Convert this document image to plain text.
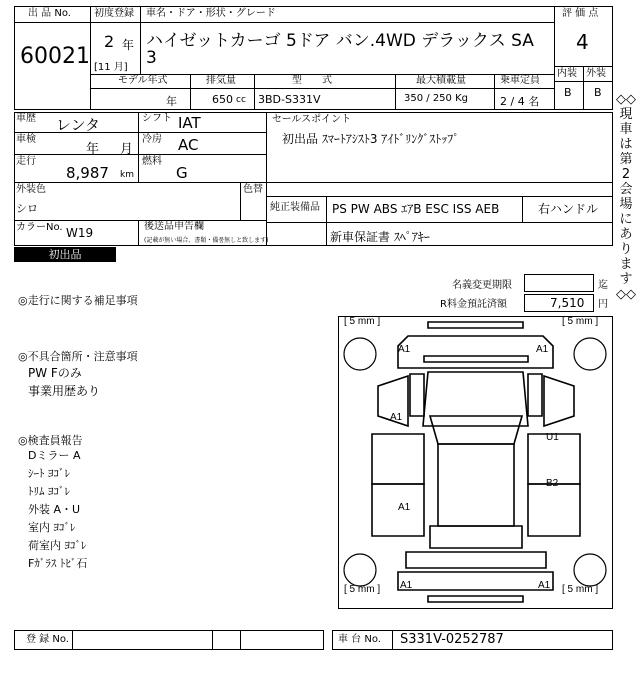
出 品 No.
60021
初度登録
2 年
[11 月]
車名・ドア・形状・グレード
ハイゼットカーゴ 5ドア バン.4WD デラックス SA
3
評 価 点
4
内装 外装
B B
モデル年式	排気量	型　　式	最大積載量	乗車定員
年	650 cc 3BD-S331V	350 / 250 Kg	2 / 4 名
車歴 レンタ	シフト IAT
車検
年 月
冷房 AC
走行
8,987 km
燃料
G
セールスポイント
初出品 ｽﾏｰﾄｱｼｽﾄ3 ｱｲﾄﾞﾘﾝｸﾞｽﾄｯﾌﾟ
外装色
シロ
色替
純正装備品 PS PW ABS ｴｱB ESC ISS AEB	右ハンドル
カラーNo. W19	後送品申告欄
(記載が無い場合、書類・備품無しと致します)	新車保証書 ｽﾍﾟｱｷｰ
◇◇現車は第2会場にあります◇◇
初出品
名義変更期限	迄
R料金預託済額	7,510 円
◎走行に関する補足事項
◎不具合箇所・注意事項
PW Fのみ
事業用歴あり
◎検査員報告
Dミラー A
ｼｰﾄ ﾖｺﾞﾚ
ﾄﾘﾑ ﾖｺﾞﾚ
外装 A・U
室内 ﾖｺﾞﾚ
荷室内 ﾖｺﾞﾚ
Fｶﾞﾗｽ ﾄﾋﾞ石
[ 5 mm ]	[ 5 mm ]
[ 5 mm ]	[ 5 mm ]
A1	A1
A1
U1
B2
A1
A1	A1
登 録 No.	車 台 No. S331V-0252787
